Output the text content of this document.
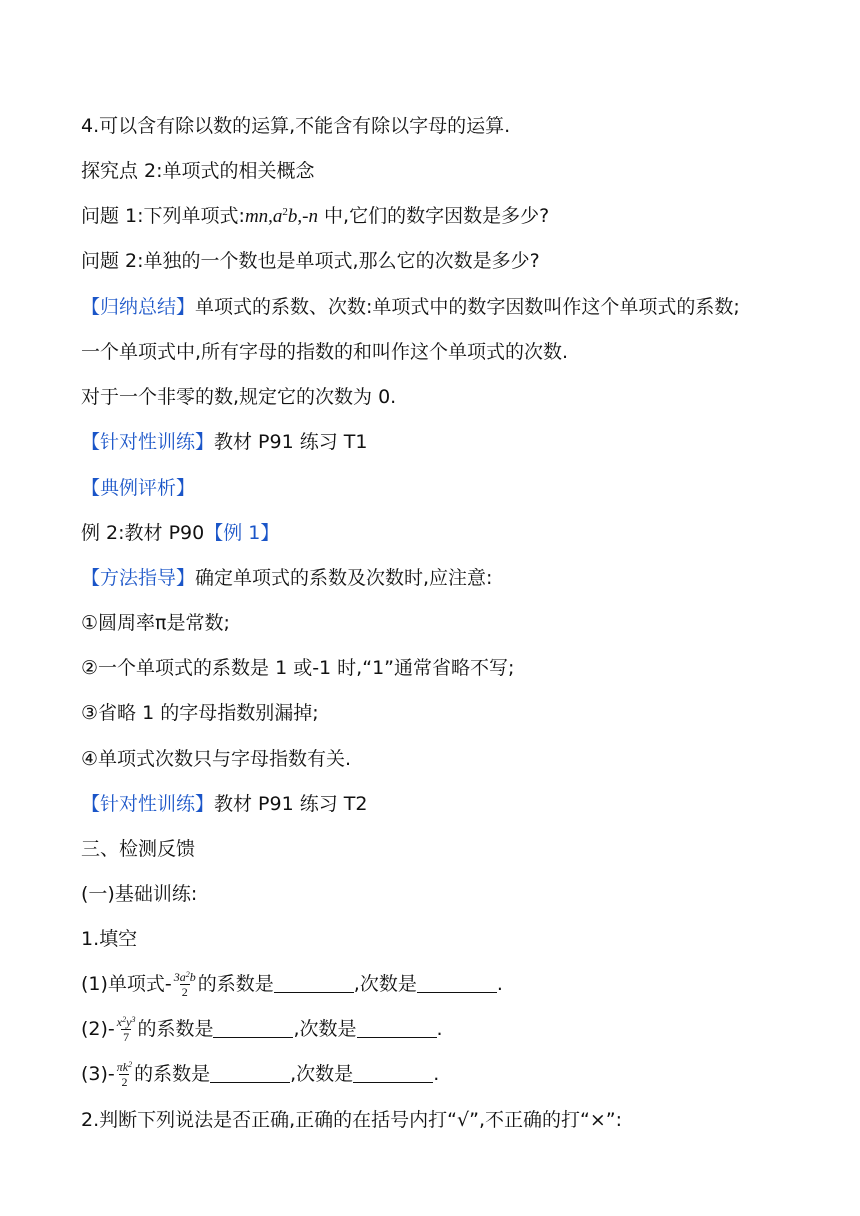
4.可以含有除以数的运算,不能含有除以字母的运算.
探究点 2:单项式的相关概念
问题 1:下列单项式$:mn,a^2b,-n$ 中,它们的数字因数是多少?
问题 2:单独的一个数也是单项式,那么它的次数是多少?
【归纳总结】单项式的系数、次数:单项式中的数字因数叫作这个单项式的系数;
一个单项式中,所有字母的指数的和叫作这个单项式的次数.
对于一个非零的数,规定它的次数为 0.
【针对性训练】教材 P91 练习 T1
【典例评析】
例 2:教材 P90【例 1】
【方法指导】确定单项式的系数及次数时,应注意:
①圆周率π是常数;
②一个单项式的系数是 1 或-1 时,“1”通常省略不写;
③省略 1 的字母指数别漏掉;
④单项式次数只与字母指数有关.
【针对性训练】教材 P91 练习 T2
三、检测反馈
(一)基础训练:
1.填空
(1)单项式- $\frac{3a^2b}{2}$ 的系数是	,次数是	.
$(2)- \frac{x^2y^3}{7}$ 的系数是	,次数是	.
$(3)- \frac{\pi k^2}{2}$ 的系数是	,次数是	.
2.判断下列说法是否正确,正确的在括号内打“√”,不正确的打“×”:
